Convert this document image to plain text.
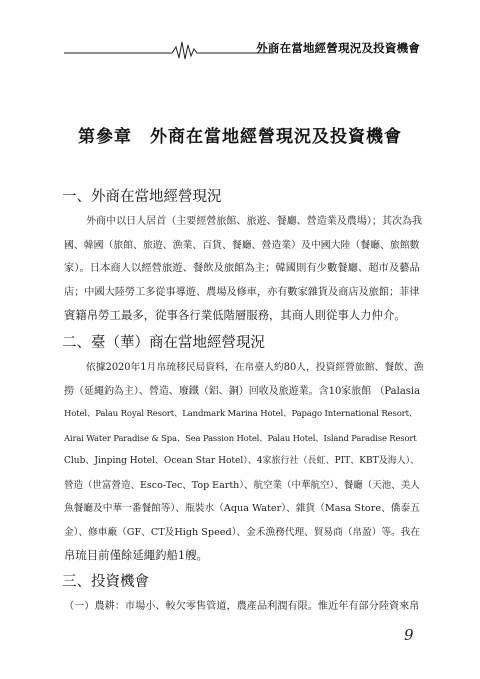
外商在當地經營現況及投資機會
第參章 外商在當地經營現況及投資機會
一、外商在當地經營現況
外商中以日人居首（主要經營旅館、旅遊、餐廳、營造業及農場）；其次為我
國、韓國（旅館、旅遊、漁業、百貨、餐廳、營造業）及中國大陸（餐廳、旅館數
家）。日本商人以經營旅遊、餐飲及旅館為主；韓國則有少數餐廳、超市及藝品
店；中國大陸勞工多從事導遊、農場及修車，亦有數家雜貨及商店及旅館；菲律
賓籍帛勞工最多，從事各行業低階層服務，其商人則從事人力仲介。
二、臺（華）商在當地經營現況
依據2020年1月帛琉移民局資料，在帛臺人約80人，投資經營旅館、餐飲、漁
撈（延繩釣為主）、營造、廢鐵（鋁、銅）回收及旅遊業。含10家旅館 （Palasia
Hotel、Palau Royal Resort、Landmark Marina Hotel、Papago International Resort、
Airai Water Paradise & Spa、Sea Passion Hotel、Palau Hotel、Island Paradise Resort
Club、Jinping Hotel、Ocean Star Hotel）、4家旅行社（長虹、PIT、KBT及海人）、
營造（世富營造、Esco-Tec、Top Earth）、航空業（中華航空）、餐廳（天池、美人
魚餐廳及中華一番餐館等）、瓶裝水（Aqua Water）、雜貨（Masa Store、僑泰五
金）、修車廠（GF、CT及High Speed）、金禾漁務代理、貿易商（帛盈）等。我在
帛琉目前僅餘延繩釣船1艘。
三、投資機會
（一）農耕：市場小、較欠零售管道，農產品利潤有限。惟近年有部分陸資來帛
9
